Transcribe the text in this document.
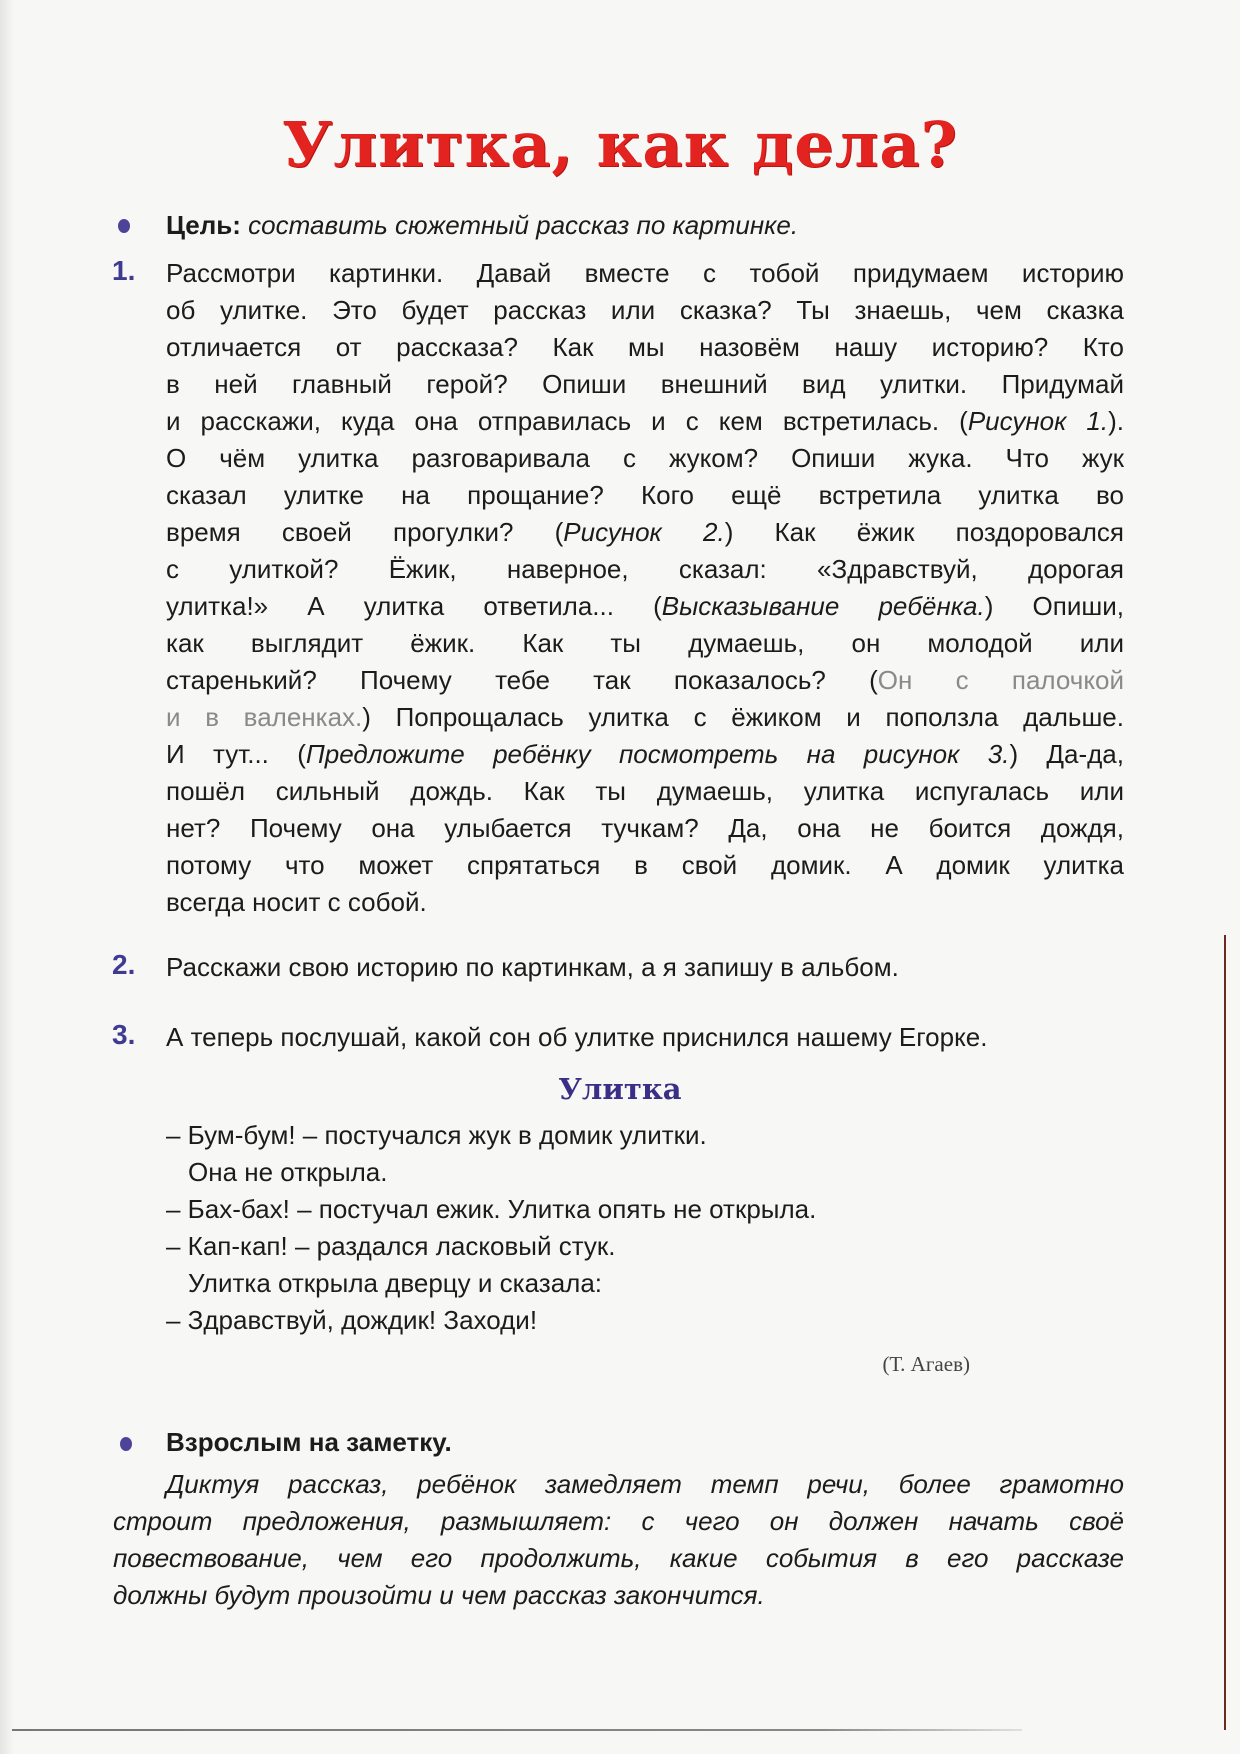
Улитка, как дела?
Цель: составить сюжетный рассказ по картинке.
1. Рассмотри картинки. Давай вместе с тобой придумаем историю
об улитке. Это будет рассказ или сказка? Ты знаешь, чем сказка
отличается от рассказа? Как мы назовём нашу историю? Кто
в ней главный герой? Опиши внешний вид улитки. Придумай
и расскажи, куда она отправилась и с кем встретилась. (Рисунок 1.).
О чём улитка разговаривала с жуком? Опиши жука. Что жук
сказал улитке на прощание? Кого ещё встретила улитка во
время своей прогулки? (Рисунок 2.) Как ёжик поздоровался
с улиткой? Ёжик, наверное, сказал: «Здравствуй, дорогая
улитка!» А улитка ответила... (Высказывание ребёнка.) Опиши,
как выглядит ёжик. Как ты думаешь, он молодой или
старенький? Почему тебе так показалось? (Он с палочкой
и в валенках.) Попрощалась улитка с ёжиком и поползла дальше.
И тут... (Предложите ребёнку посмотреть на рисунок 3.) Да-да,
пошёл сильный дождь. Как ты думаешь, улитка испугалась или
нет? Почему она улыбается тучкам? Да, она не боится дождя,
потому что может спрятаться в свой домик. А домик улитка
всегда носит с собой.
2. Расскажи свою историю по картинкам, а я запишу в альбом.
3. А теперь послушай, какой сон об улитке приснился нашему Егорке.
Улитка
– Бум-бум! – постучался жук в домик улитки.
Она не открыла.
– Бах-бах! – постучал ежик. Улитка опять не открыла.
– Кап-кап! – раздался ласковый стук.
Улитка открыла дверцу и сказала:
– Здравствуй, дождик! Заходи!
(Т. Агаев)
Взрослым на заметку.
Диктуя рассказ, ребёнок замедляет темп речи, более грамотно
строит предложения, размышляет: с чего он должен начать своё
повествование, чем его продолжить, какие события в его рассказе
должны будут произойти и чем рассказ закончится.
